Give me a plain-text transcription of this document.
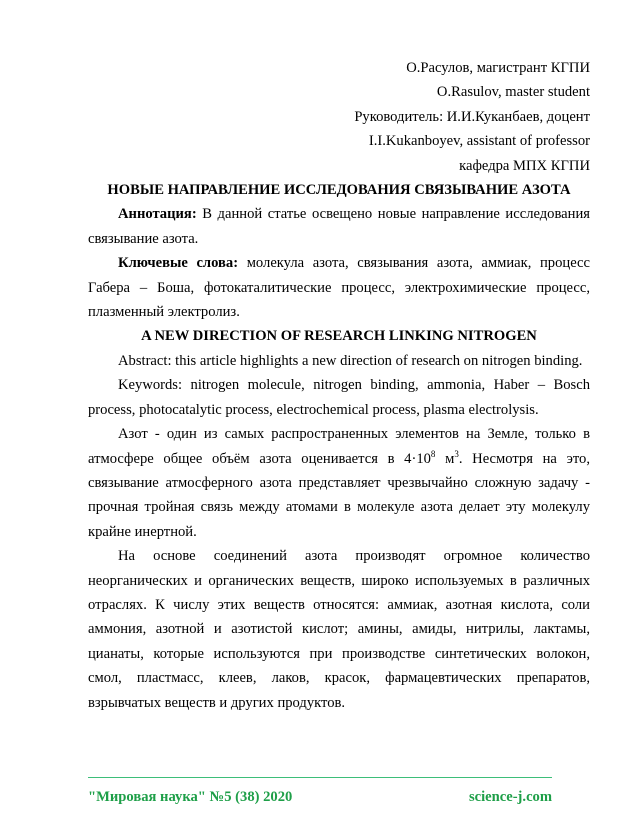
О.Расулов, магистрант КГПИ
O.Rasulov, master student
Руководитель: И.И.Куканбаев, доцент
I.I.Kukanboyev, assistant of professor
кафедра МПХ КГПИ
НОВЫЕ НАПРАВЛЕНИЕ ИССЛЕДОВАНИЯ СВЯЗЫВАНИЕ АЗОТА

Аннотация: В данной статье освещено новые направление исследования связывание азота.

Ключевые слова: молекула азота, связывания азота, аммиак, процесс Габера – Боша, фотокаталитические процесс, электрохимические процесс, плазменный электролиз.

A NEW DIRECTION OF RESEARCH LINKING NITROGEN

Abstract: this article highlights a new direction of research on nitrogen binding.

Keywords: nitrogen molecule, nitrogen binding, ammonia, Haber – Bosch process, photocatalytic process, electrochemical process, plasma electrolysis.

Азот - один из самых распространенных элементов на Земле, только в атмосфере общее объём азота оценивается в $4\cdot 10^8$ $м^3$. Несмотря на это, связывание атмосферного азота представляет чрезвычайно сложную задачу - прочная тройная связь между атомами в молекуле азота делает эту молекулу крайне инертной.

На основе соединений азота производят огромное количество неорганических и органических веществ, широко используемых в различных отраслях. К числу этих веществ относятся: аммиак, азотная кислота, соли аммония, азотной и азотистой кислот; амины, амиды, нитрилы, лактамы, цианаты, которые используются при производстве синтетических волокон, смол, пластмасс, клеев, лаков, красок, фармацевтических препаратов, взрывчатых веществ и других продуктов.

"Мировая наука" №5 (38) 2020	science-j.com
